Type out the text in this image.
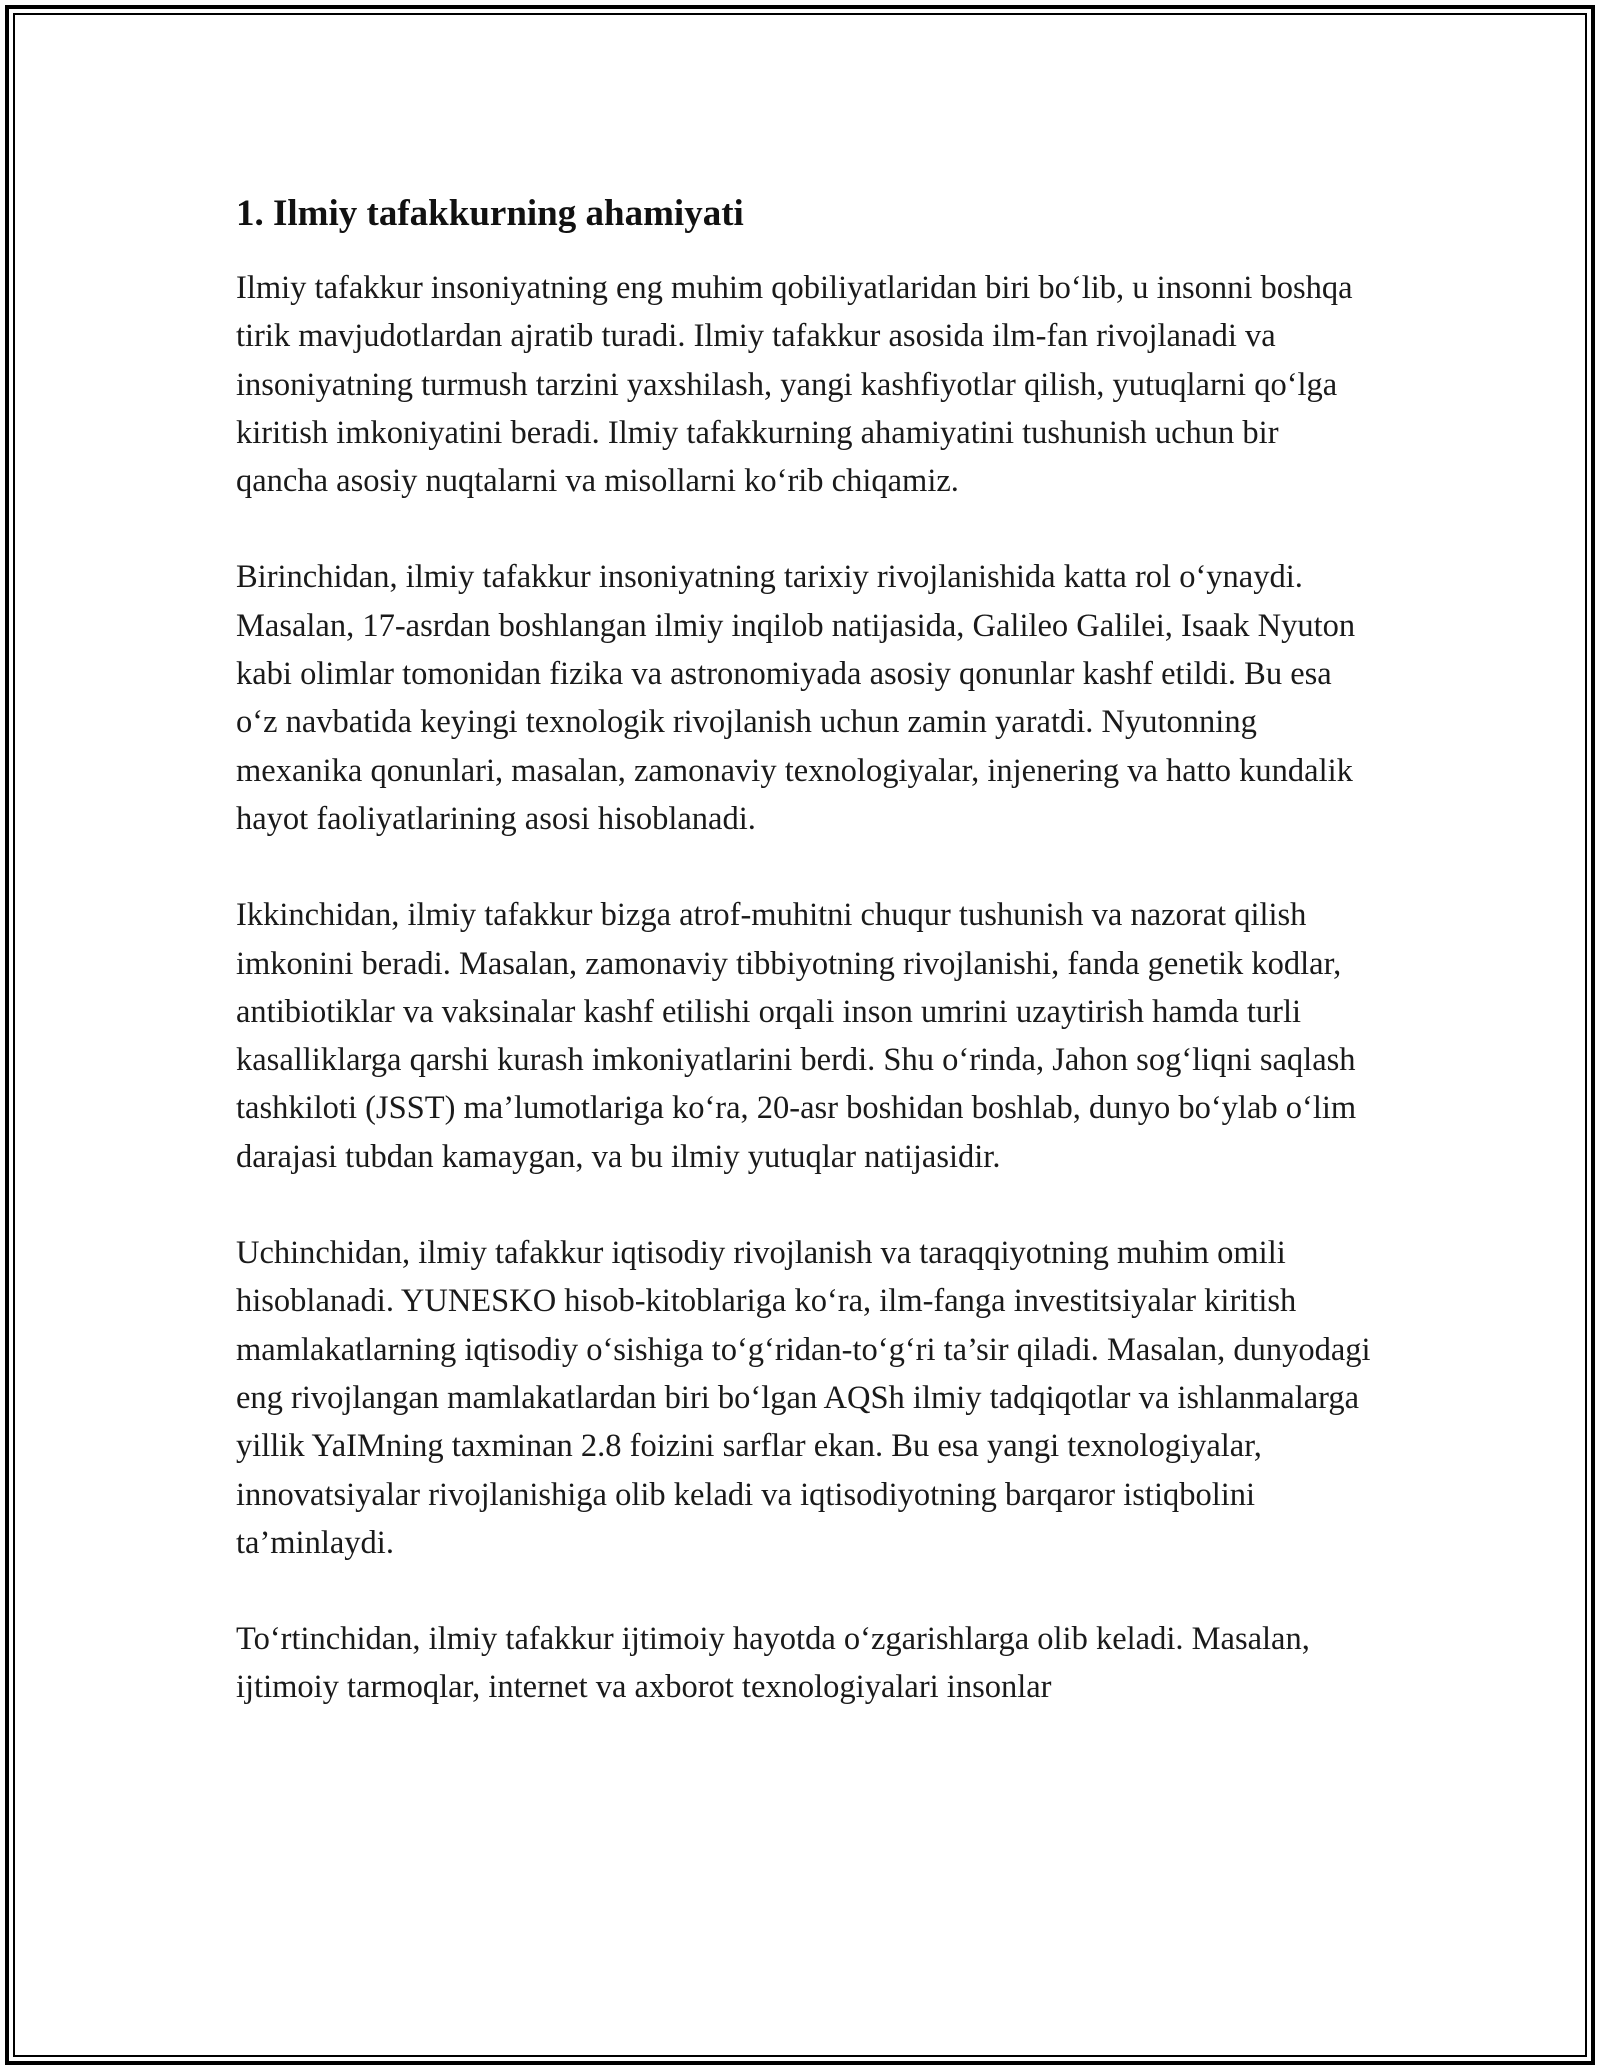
1. Ilmiy tafakkurning ahamiyati

Ilmiy tafakkur insoniyatning eng muhim qobiliyatlaridan biri bo‘lib, u insonni boshqa tirik mavjudotlardan ajratib turadi. Ilmiy tafakkur asosida ilm-fan rivojlanadi va insoniyatning turmush tarzini yaxshilash, yangi kashfiyotlar qilish, yutuqlarni qo‘lga kiritish imkoniyatini beradi. Ilmiy tafakkurning ahamiyatini tushunish uchun bir qancha asosiy nuqtalarni va misollarni ko‘rib chiqamiz.

Birinchidan, ilmiy tafakkur insoniyatning tarixiy rivojlanishida katta rol o‘ynaydi. Masalan, 17-asrdan boshlangan ilmiy inqilob natijasida, Galileo Galilei, Isaak Nyuton kabi olimlar tomonidan fizika va astronomiyada asosiy qonunlar kashf etildi. Bu esa o‘z navbatida keyingi texnologik rivojlanish uchun zamin yaratdi. Nyutonning mexanika qonunlari, masalan, zamonaviy texnologiyalar, injenering va hatto kundalik hayot faoliyatlarining asosi hisoblanadi.

Ikkinchidan, ilmiy tafakkur bizga atrof-muhitni chuqur tushunish va nazorat qilish imkonini beradi. Masalan, zamonaviy tibbiyotning rivojlanishi, fanda genetik kodlar, antibiotiklar va vaksinalar kashf etilishi orqali inson umrini uzaytirish hamda turli kasalliklarga qarshi kurash imkoniyatlarini berdi. Shu o‘rinda, Jahon sog‘liqni saqlash tashkiloti (JSST) ma’lumotlariga ko‘ra, 20-asr boshidan boshlab, dunyo bo‘ylab o‘lim darajasi tubdan kamaygan, va bu ilmiy yutuqlar natijasidir.

Uchinchidan, ilmiy tafakkur iqtisodiy rivojlanish va taraqqiyotning muhim omili hisoblanadi. YUNESKO hisob-kitoblariga ko‘ra, ilm-fanga investitsiyalar kiritish mamlakatlarning iqtisodiy o‘sishiga to‘g‘ridan-to‘g‘ri ta’sir qiladi. Masalan, dunyodagi eng rivojlangan mamlakatlardan biri bo‘lgan AQSh ilmiy tadqiqotlar va ishlanmalarga yillik YaIMning taxminan 2.8 foizini sarflar ekan. Bu esa yangi texnologiyalar, innovatsiyalar rivojlanishiga olib keladi va iqtisodiyotning barqaror istiqbolini ta’minlaydi.

To‘rtinchidan, ilmiy tafakkur ijtimoiy hayotda o‘zgarishlarga olib keladi. Masalan, ijtimoiy tarmoqlar, internet va axborot texnologiyalari insonlar
